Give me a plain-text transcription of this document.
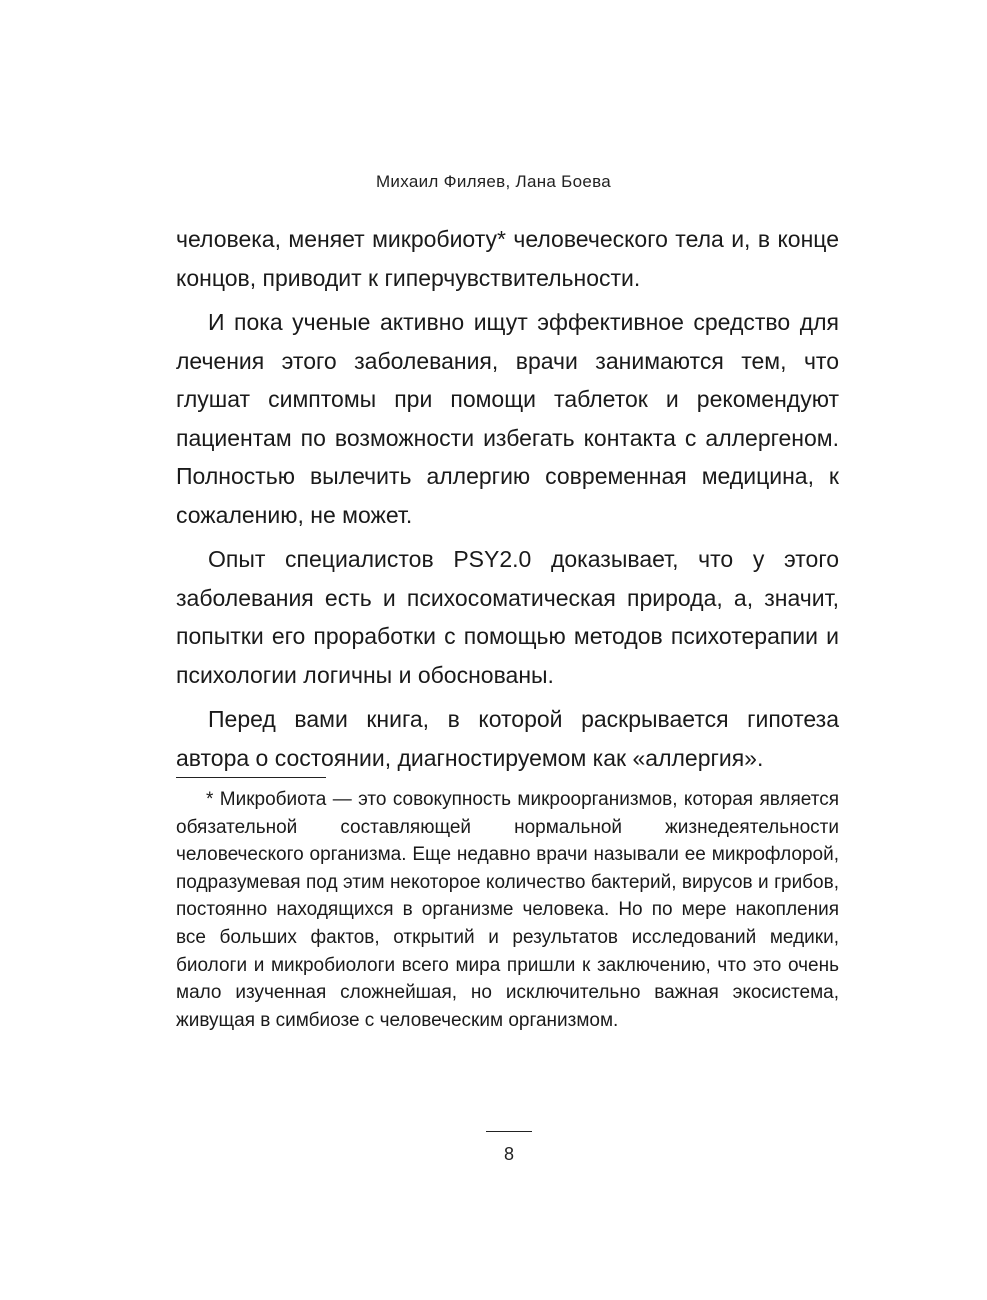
Михаил Филяев, Лана Боева

человека, меняет микробиоту* человеческого тела и, в конце концов, приводит к гиперчувствительности.

И пока ученые активно ищут эффективное средство для лечения этого заболевания, врачи занимаются тем, что глушат симптомы при помощи таблеток и рекомендуют пациентам по возможности избегать контакта с аллергеном. Полностью вылечить аллергию современная медицина, к сожалению, не может.

Опыт специалистов PSY2.0 доказывает, что у этого заболевания есть и психосоматическая природа, а, значит, попытки его проработки с помощью методов психотерапии и психологии логичны и обоснованы.

Перед вами книга, в которой раскрывается гипотеза автора о состоянии, диагностируемом как «аллергия».

* Микробиота — это совокупность микроорганизмов, которая является обязательной составляющей нормальной жизнедеятельности человеческого организма. Еще недавно врачи называли ее микрофлорой, подразумевая под этим некоторое количество бактерий, вирусов и грибов, постоянно находящихся в организме человека. Но по мере накопления все больших фактов, открытий и результатов исследований медики, биологи и микробиологи всего мира пришли к заключению, что это очень мало изученная сложнейшая, но исключительно важная экосистема, живущая в симбиозе с человеческим организмом.

8
